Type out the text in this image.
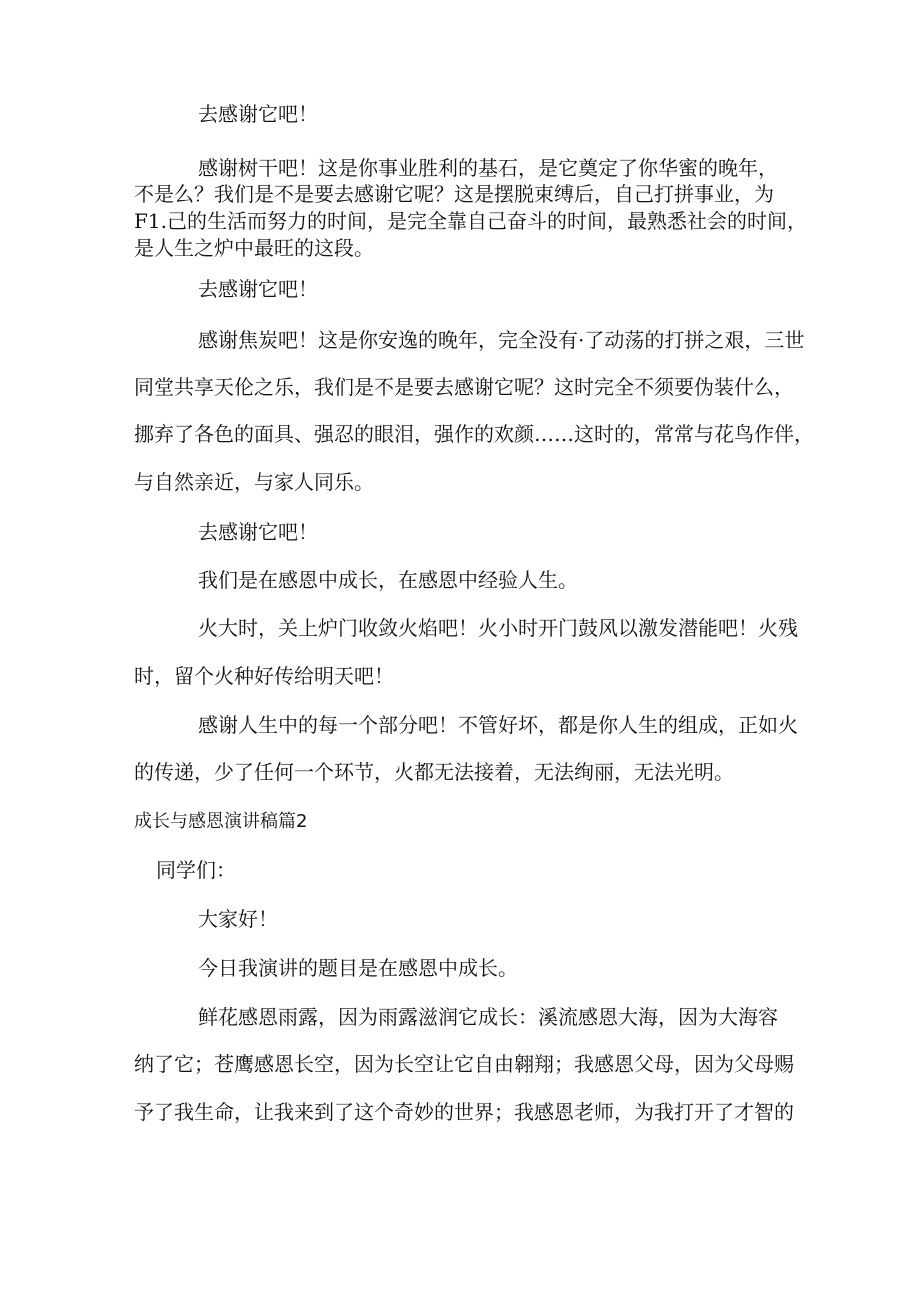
去感谢它吧！
感谢树干吧！这是你事业胜利的基石，是它奠定了你华蜜的晚年，
不是么？我们是不是要去感谢它呢？这是摆脱束缚后，自己打拼事业，为
F1.己的生活而努力的时间，是完全靠自己奋斗的时间，最熟悉社会的时间，
是人生之炉中最旺的这段。
去感谢它吧！
感谢焦炭吧！这是你安逸的晚年，完全没有·了动荡的打拼之艰，三世
同堂共享天伦之乐，我们是不是要去感谢它呢？这时完全不须要伪装什么，
挪弃了各色的面具、强忍的眼泪，强作的欢颜……这时的，常常与花鸟作伴，
与自然亲近，与家人同乐。
去感谢它吧！
我们是在感恩中成长，在感恩中经验人生。
火大时，关上炉门收敛火焰吧！火小时开门鼓风以激发潜能吧！火残
时，留个火种好传给明天吧！
感谢人生中的每一个部分吧！不管好坏，都是你人生的组成，正如火
的传递，少了任何一个环节，火都无法接着，无法绚丽，无法光明。
成长与感恩演讲稿篇2
同学们：
大家好！
今日我演讲的题目是在感恩中成长。
鲜花感恩雨露，因为雨露滋润它成长：溪流感恩大海，因为大海容
纳了它；苍鹰感恩长空，因为长空让它自由翱翔；我感恩父母，因为父母赐
予了我生命，让我来到了这个奇妙的世界；我感恩老师，为我打开了才智的
